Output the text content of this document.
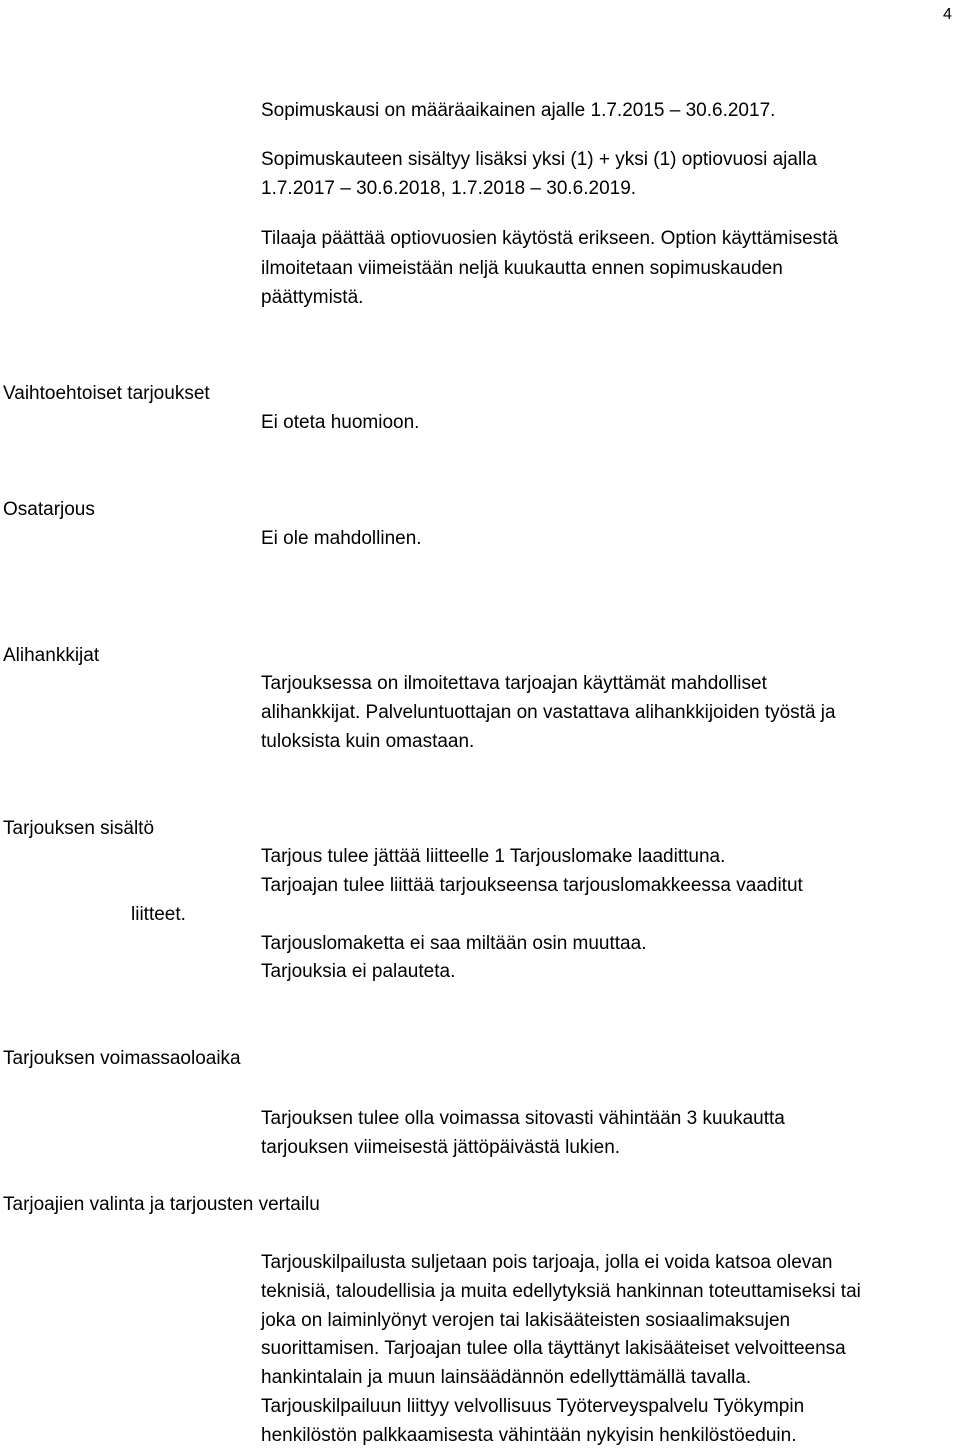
4
Sopimuskausi on määräaikainen ajalle 1.7.2015 – 30.6.2017.
Sopimuskauteen sisältyy lisäksi yksi (1) + yksi (1) optiovuosi ajalla
1.7.2017 – 30.6.2018, 1.7.2018 – 30.6.2019.
Tilaaja päättää optiovuosien käytöstä erikseen. Option käyttämisestä
ilmoitetaan viimeistään neljä kuukautta ennen sopimuskauden
päättymistä.
Vaihtoehtoiset tarjoukset
Ei oteta huomioon.
Osatarjous
Ei ole mahdollinen.
Alihankkijat
Tarjouksessa on ilmoitettava tarjoajan käyttämät mahdolliset
alihankkijat. Palveluntuottajan on vastattava alihankkijoiden työstä ja
tuloksista kuin omastaan.
Tarjouksen sisältö
Tarjous tulee jättää liitteelle 1 Tarjouslomake laadittuna.
Tarjoajan tulee liittää tarjoukseensa tarjouslomakkeessa vaaditut
liitteet.
Tarjouslomaketta ei saa miltään osin muuttaa.
Tarjouksia ei palauteta.
Tarjouksen voimassaoloaika
Tarjouksen tulee olla voimassa sitovasti vähintään 3 kuukautta
tarjouksen viimeisestä jättöpäivästä lukien.
Tarjoajien valinta ja tarjousten vertailu
Tarjouskilpailusta suljetaan pois tarjoaja, jolla ei voida katsoa olevan
teknisiä, taloudellisia ja muita edellytyksiä hankinnan toteuttamiseksi tai
joka on laiminlyönyt verojen tai lakisääteisten sosiaalimaksujen
suorittamisen. Tarjoajan tulee olla täyttänyt lakisääteiset velvoitteensa
hankintalain ja muun lainsäädännön edellyttämällä tavalla.
Tarjouskilpailuun liittyy velvollisuus Työterveyspalvelu Työkympin
henkilöstön palkkaamisesta vähintään nykyisin henkilöstöeduin.
